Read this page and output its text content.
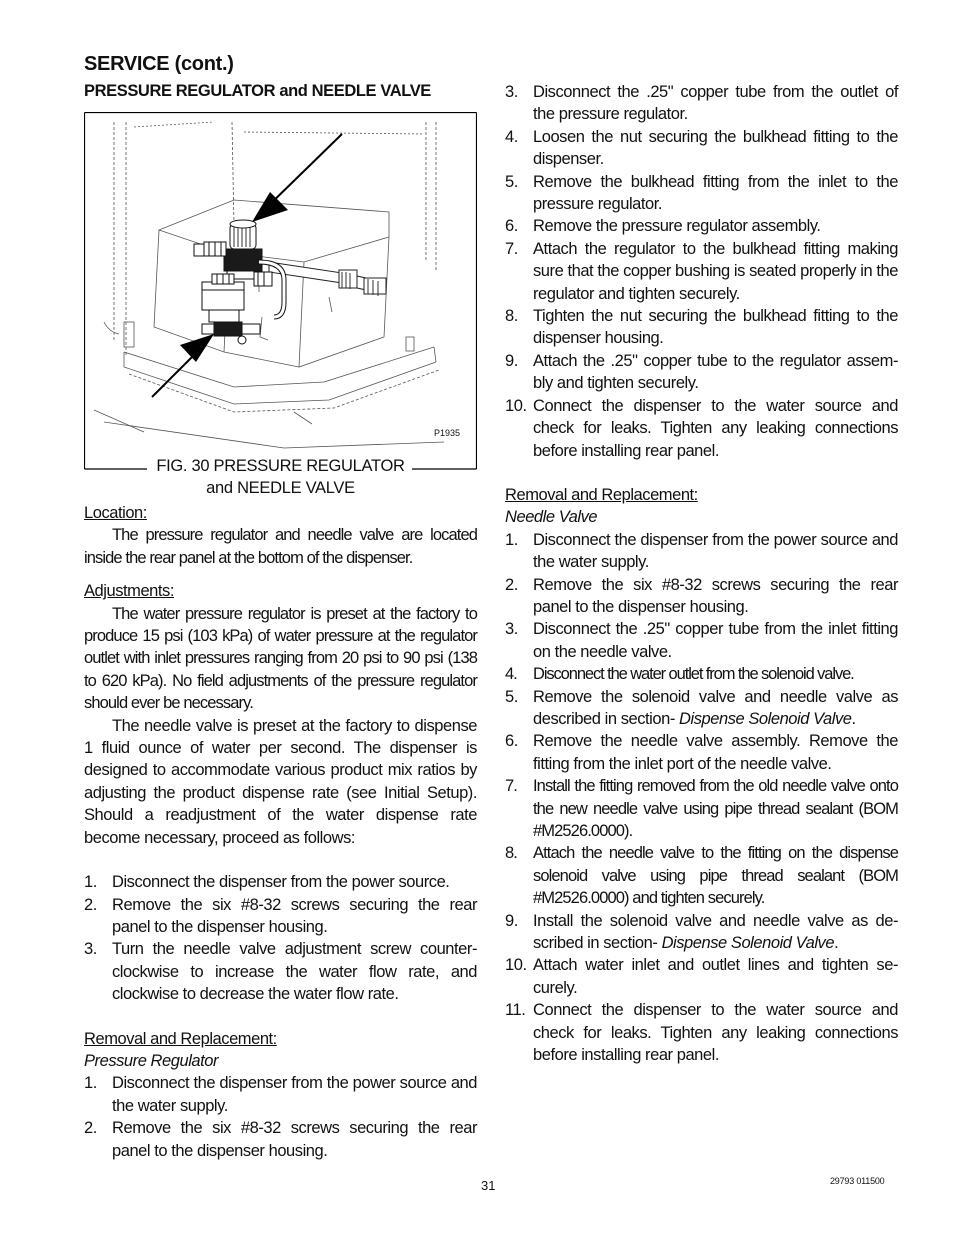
SERVICE (cont.)
PRESSURE REGULATOR and NEEDLE VALVE
P1935
FIG. 30 PRESSURE REGULATOR
and NEEDLE VALVE
Location:
The pressure regulator and needle valve are located inside the rear panel at the bottom of the dispenser.
Adjustments:
The water pressure regulator is preset at the factory to produce 15 psi (103 kPa) of water pressure at the regulator outlet with inlet pressures ranging from 20 psi to 90 psi (138 to 620 kPa). No field adjustments of the pressure regulator should ever be necessary.
The needle valve is preset at the factory to dispense 1 fluid ounce of water per second. The dispenser is designed to accommodate various product mix ratios by adjusting the product dispense rate (see Initial Setup). Should a readjustment of the water dispense rate become necessary, proceed as follows:
1. Disconnect the dispenser from the power source.
2. Remove the six #8-32 screws securing the rear panel to the dispenser housing.
3. Turn the needle valve adjustment screw counter-clockwise to increase the water flow rate, and clockwise to decrease the water flow rate.
Removal and Replacement:
Pressure Regulator
1. Disconnect the dispenser from the power source and the water supply.
2. Remove the six #8-32 screws securing the rear panel to the dispenser housing.
3. Disconnect the .25" copper tube from the outlet of the pressure regulator.
4. Loosen the nut securing the bulkhead fitting to the dispenser.
5. Remove the bulkhead fitting from the inlet to the pressure regulator.
6. Remove the pressure regulator assembly.
7. Attach the regulator to the bulkhead fitting making sure that the copper bushing is seated properly in the regulator and tighten securely.
8. Tighten the nut securing the bulkhead fitting to the dispenser housing.
9. Attach the .25" copper tube to the regulator assem-bly and tighten securely.
10. Connect the dispenser to the water source and check for leaks. Tighten any leaking connections before installing rear panel.
Removal and Replacement:
Needle Valve
1. Disconnect the dispenser from the power source and the water supply.
2. Remove the six #8-32 screws securing the rear panel to the dispenser housing.
3. Disconnect the .25" copper tube from the inlet fitting on the needle valve.
4. Disconnect the water outlet from the solenoid valve.
5. Remove the solenoid valve and needle valve as described in section- Dispense Solenoid Valve.
6. Remove the needle valve assembly. Remove the fitting from the inlet port of the needle valve.
7. Install the fitting removed from the old needle valve onto the new needle valve using pipe thread sealant (BOM #M2526.0000).
8. Attach the needle valve to the fitting on the dispense solenoid valve using pipe thread sealant (BOM #M2526.0000) and tighten securely.
9. Install the solenoid valve and needle valve as de-scribed in section- Dispense Solenoid Valve.
10. Attach water inlet and outlet lines and tighten se-curely.
11. Connect the dispenser to the water source and check for leaks. Tighten any leaking connections before installing rear panel.
31	29793 011500
